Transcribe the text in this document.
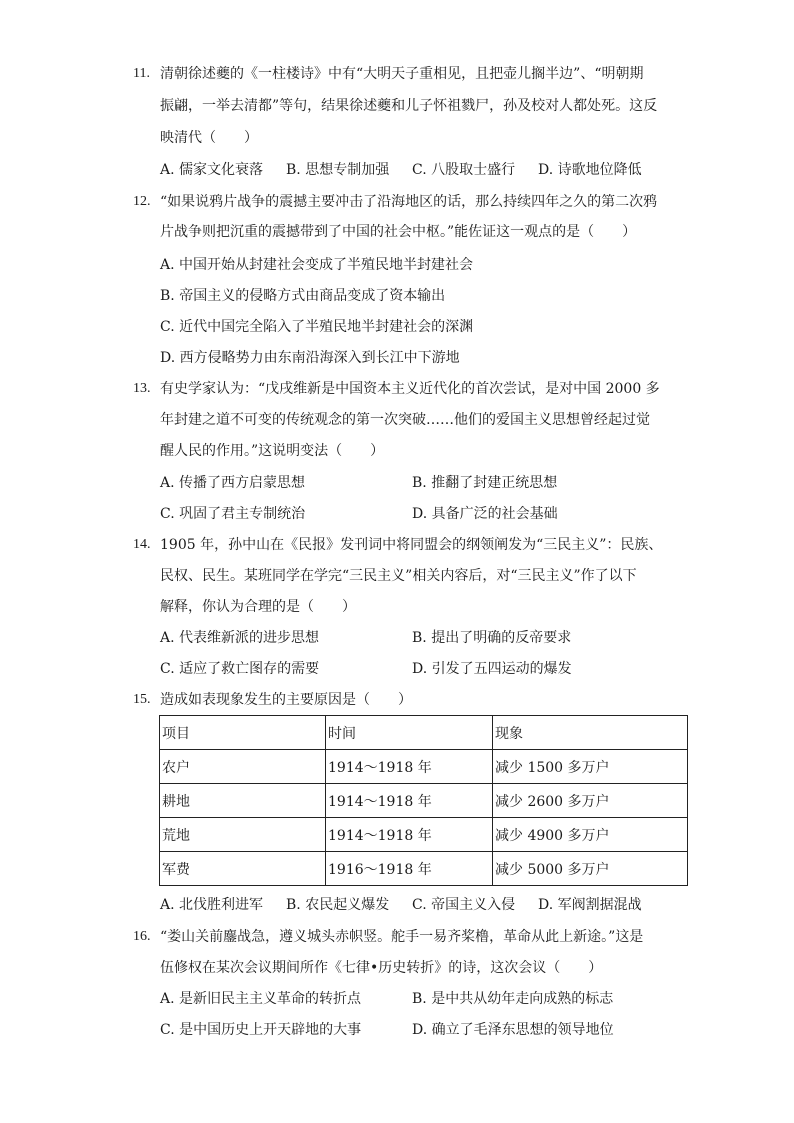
11. 清朝徐述夔的《一柱楼诗》中有“大明天子重相见，且把壶儿搁半边”、“明朝期
振翩，一举去清都”等句，结果徐述夔和儿子怀祖戮尸，孙及校对人都处死。这反
映清代（　　）
A. 儒家文化衰落 B. 思想专制加强 C. 八股取士盛行 D. 诗歌地位降低
12. “如果说鸦片战争的震撼主要冲击了沿海地区的话，那么持续四年之久的第二次鸦
片战争则把沉重的震撼带到了中国的社会中枢。”能佐证这一观点的是（　　）
A. 中国开始从封建社会变成了半殖民地半封建社会
B. 帝国主义的侵略方式由商品变成了资本输出
C. 近代中国完全陷入了半殖民地半封建社会的深渊
D. 西方侵略势力由东南沿海深入到长江中下游地
13. 有史学家认为：“戊戌维新是中国资本主义近代化的首次尝试，是对中国 2000 多
年封建之道不可变的传统观念的第一次突破……他们的爱国主义思想曾经起过觉
醒人民的作用。”这说明变法（　　）
A. 传播了西方启蒙思想	B. 推翻了封建正统思想
C. 巩固了君主专制统治	D. 具备广泛的社会基础
14. 1905 年，孙中山在《民报》发刊词中将同盟会的纲领阐发为“三民主义”：民族、
民权、民生。某班同学在学完“三民主义”相关内容后，对“三民主义”作了以下
解释，你认为合理的是（　　）
A. 代表维新派的进步思想	B. 提出了明确的反帝要求
C. 适应了救亡图存的需要	D. 引发了五四运动的爆发
15. 造成如表现象发生的主要原因是（　　）
项目	时间	现象
农户	1914～1918 年	减少 1500 多万户
耕地	1914～1918 年	减少 2600 多万户
荒地	1914～1918 年	减少 4900 多万户
军费	1916～1918 年	减少 5000 多万户
A. 北伐胜利进军 B. 农民起义爆发 C. 帝国主义入侵 D. 军阀割据混战
16. “娄山关前鏖战急，遵义城头赤帜竖。舵手一易齐桨橹，革命从此上新途。”这是
伍修权在某次会议期间所作《七律•历史转折》的诗，这次会议（　　）
A. 是新旧民主主义革命的转折点	B. 是中共从幼年走向成熟的标志
C. 是中国历史上开天辟地的大事	D. 确立了毛泽东思想的领导地位
